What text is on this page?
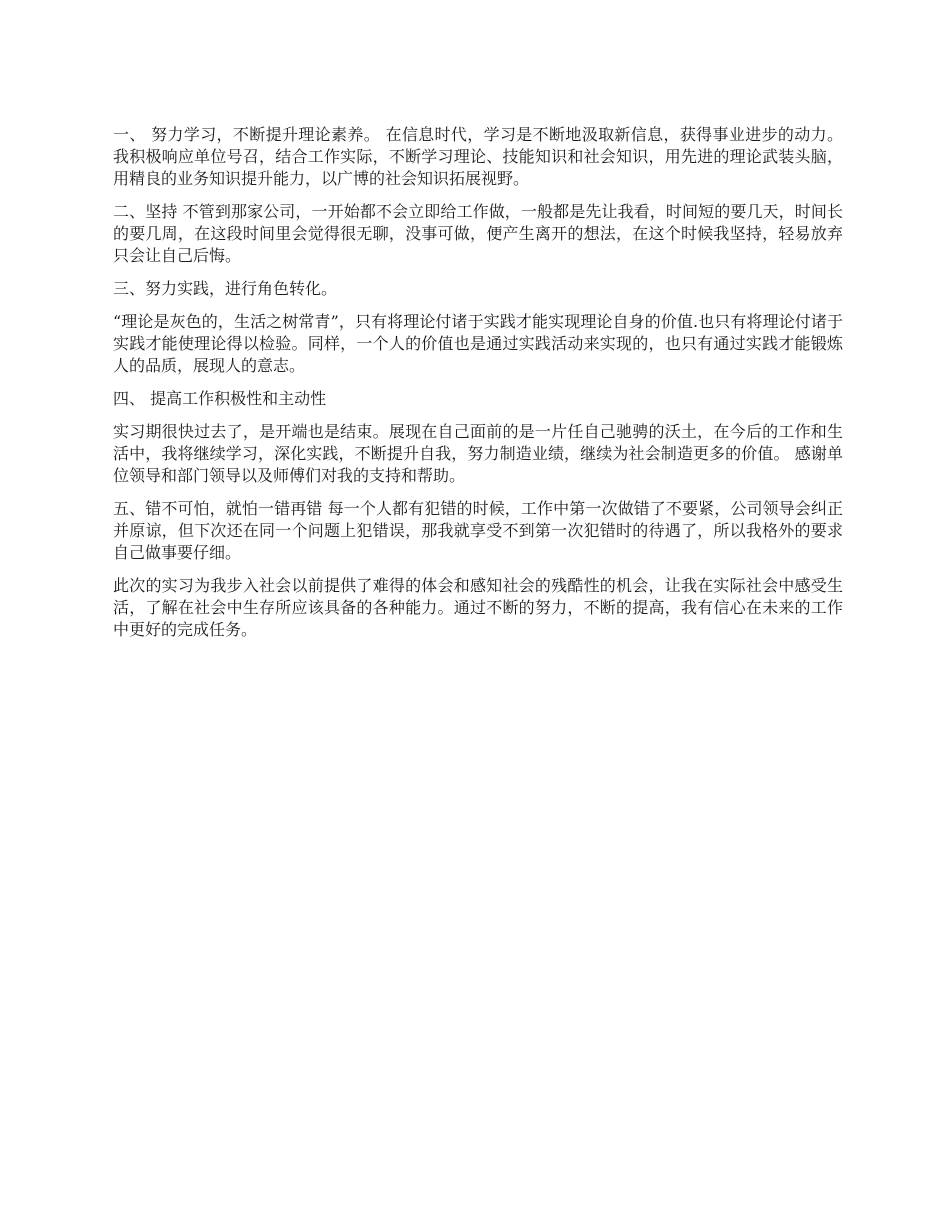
一、 努力学习，不断提升理论素养。 在信息时代，学习是不断地汲取新信息，获得事业进步的动力。我积极响应单位号召，结合工作实际，不断学习理论、技能知识和社会知识，用先进的理论武装头脑，用精良的业务知识提升能力，以广博的社会知识拓展视野。

二、坚持 不管到那家公司，一开始都不会立即给工作做，一般都是先让我看，时间短的要几天，时间长的要几周，在这段时间里会觉得很无聊，没事可做，便产生离开的想法，在这个时候我坚持，轻易放弃只会让自己后悔。

三、努力实践，进行角色转化。

“理论是灰色的，生活之树常青”，只有将理论付诸于实践才能实现理论自身的价值.也只有将理论付诸于实践才能使理论得以检验。同样，一个人的价值也是通过实践活动来实现的，也只有通过实践才能锻炼人的品质，展现人的意志。

四、 提高工作积极性和主动性

实习期很快过去了，是开端也是结束。展现在自己面前的是一片任自己驰骋的沃土，在今后的工作和生活中，我将继续学习，深化实践，不断提升自我，努力制造业绩，继续为社会制造更多的价值。 感谢单位领导和部门领导以及师傅们对我的支持和帮助。

五、错不可怕，就怕一错再错 每一个人都有犯错的时候，工作中第一次做错了不要紧，公司领导会纠正并原谅，但下次还在同一个问题上犯错误，那我就享受不到第一次犯错时的待遇了，所以我格外的要求自己做事要仔细。

此次的实习为我步入社会以前提供了难得的体会和感知社会的残酷性的机会，让我在实际社会中感受生活，了解在社会中生存所应该具备的各种能力。通过不断的努力，不断的提高，我有信心在未来的工作中更好的完成任务。
